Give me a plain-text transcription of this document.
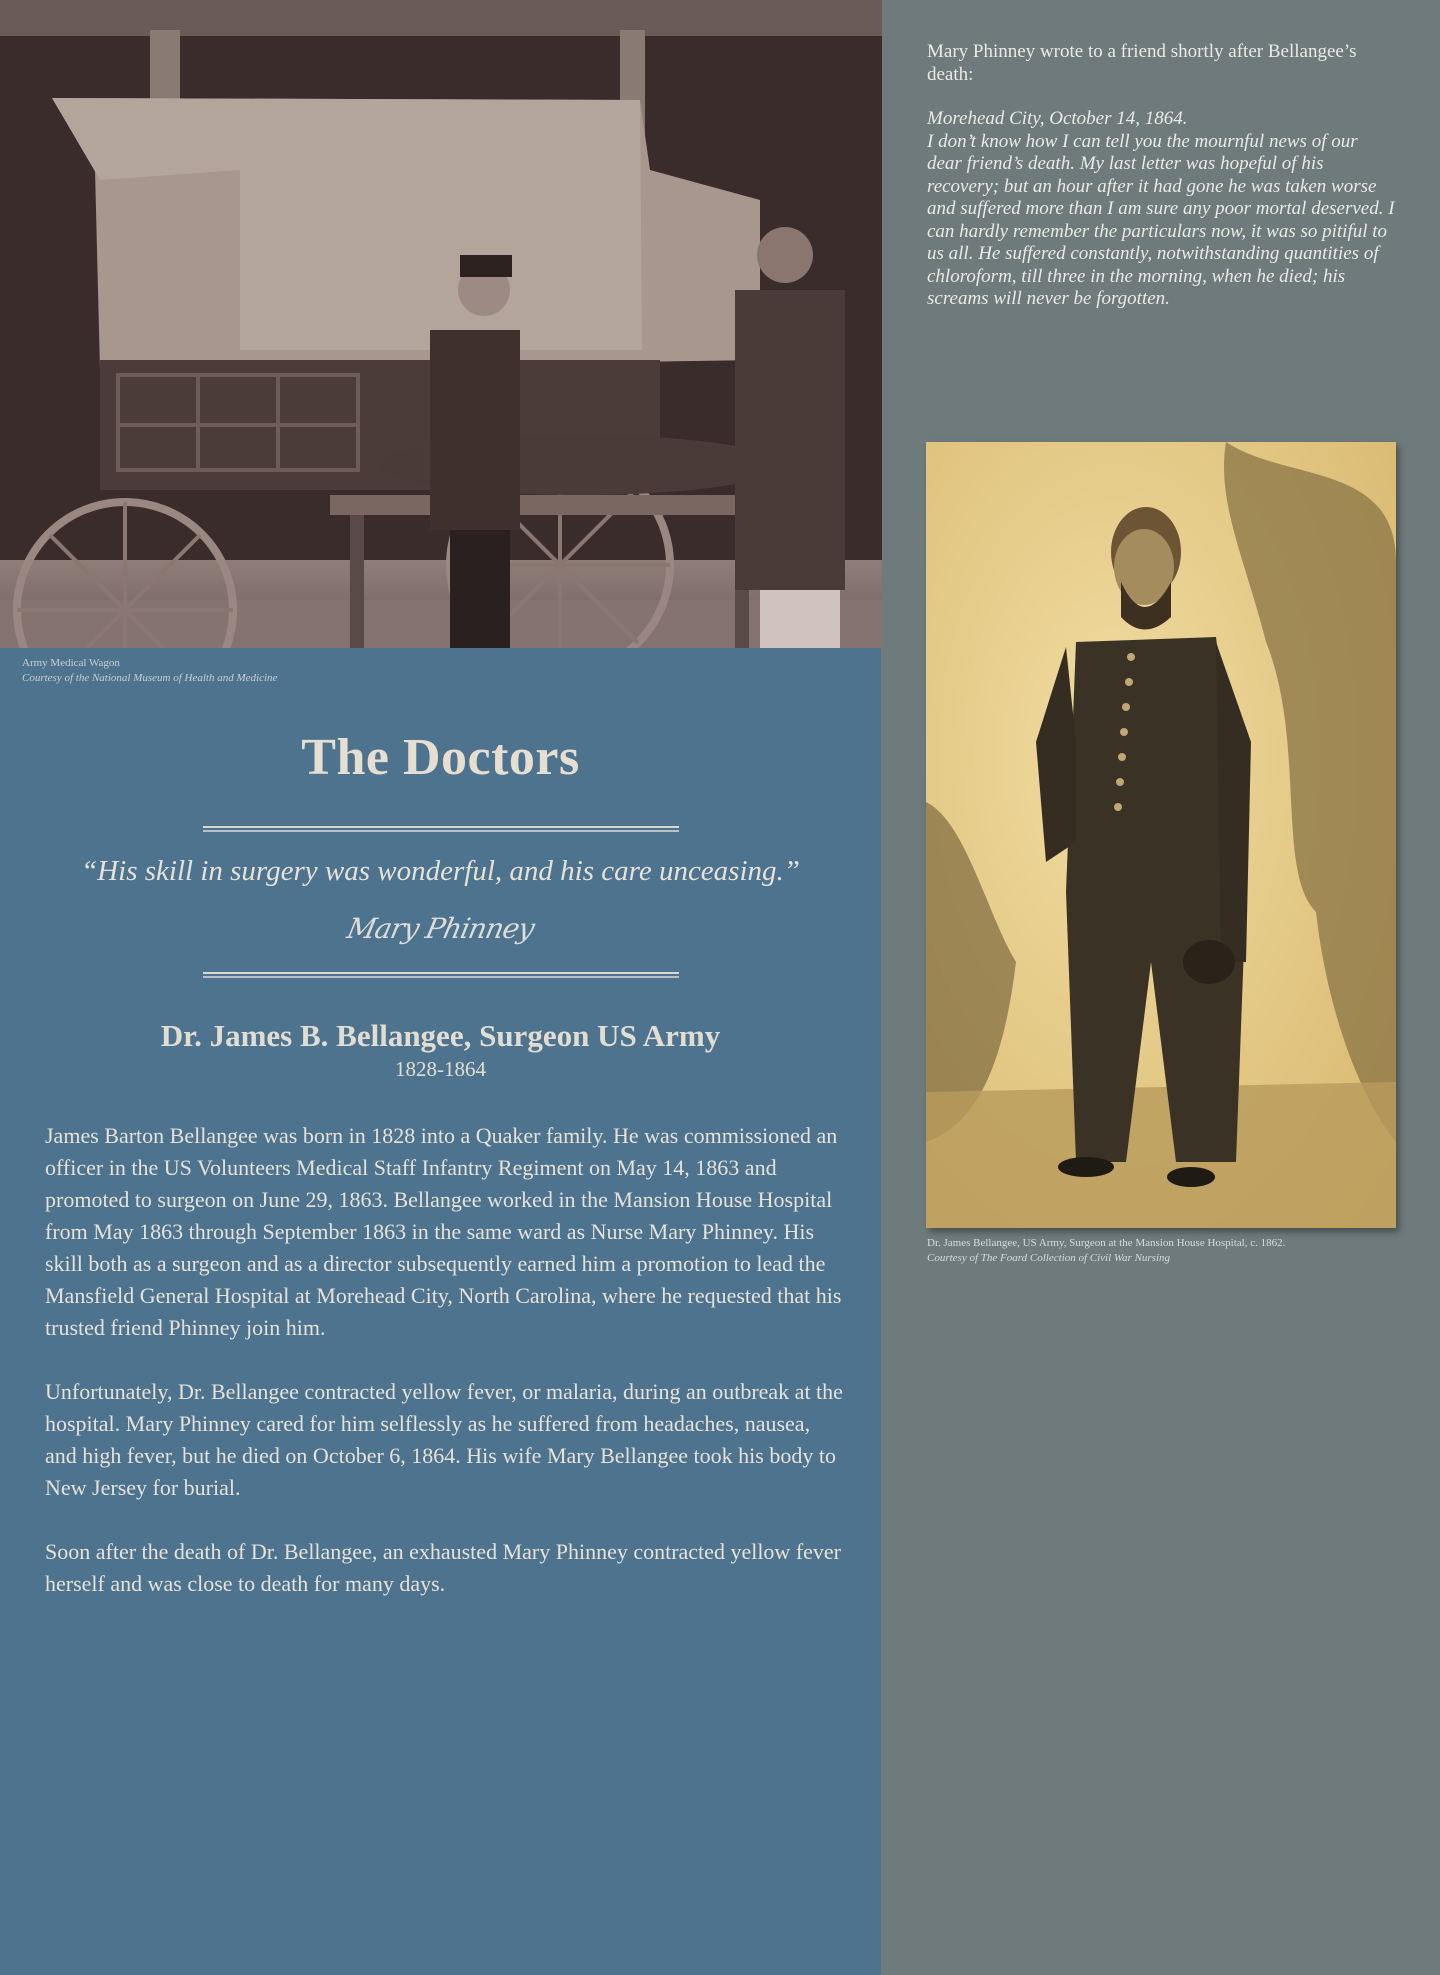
Army Medical Wagon
Courtesy of the National Museum of Health and Medicine
The Doctors
“His skill in surgery was wonderful, and his care unceasing.”
Mary Phinney
Dr. James B. Bellangee, Surgeon US Army
1828-1864

James Barton Bellangee was born in 1828 into a Quaker family. He was commissioned an officer in the US Volunteers Medical Staff Infantry Regiment on May 14, 1863 and promoted to surgeon on June 29, 1863. Bellangee worked in the Mansion House Hospital from May 1863 through September 1863 in the same ward as Nurse Mary Phinney. His skill both as a surgeon and as a director subsequently earned him a promotion to lead the Mansfield General Hospital at Morehead City, North Carolina, where he requested that his trusted friend Phinney join him.

Unfortunately, Dr. Bellangee contracted yellow fever, or malaria, during an outbreak at the hospital. Mary Phinney cared for him selflessly as he suffered from headaches, nausea, and high fever, but he died on October 6, 1864. His wife Mary Bellangee took his body to New Jersey for burial.

Soon after the death of Dr. Bellangee, an exhausted Mary Phinney contracted yellow fever herself and was close to death for many days.

Mary Phinney wrote to a friend shortly after Bellangee’s death:
Morehead City, October 14, 1864.
I don’t know how I can tell you the mournful news of our dear friend’s death. My last letter was hopeful of his recovery; but an hour after it had gone he was taken worse and suffered more than I am sure any poor mortal deserved. I can hardly remember the particulars now, it was so pitiful to us all. He suffered constantly, notwithstanding quantities of chloroform, till three in the morning, when he died; his screams will never be forgotten.
Dr. James Bellangee, US Army, Surgeon at the Mansion House Hospital, c. 1862.
Courtesy of The Foard Collection of Civil War Nursing
